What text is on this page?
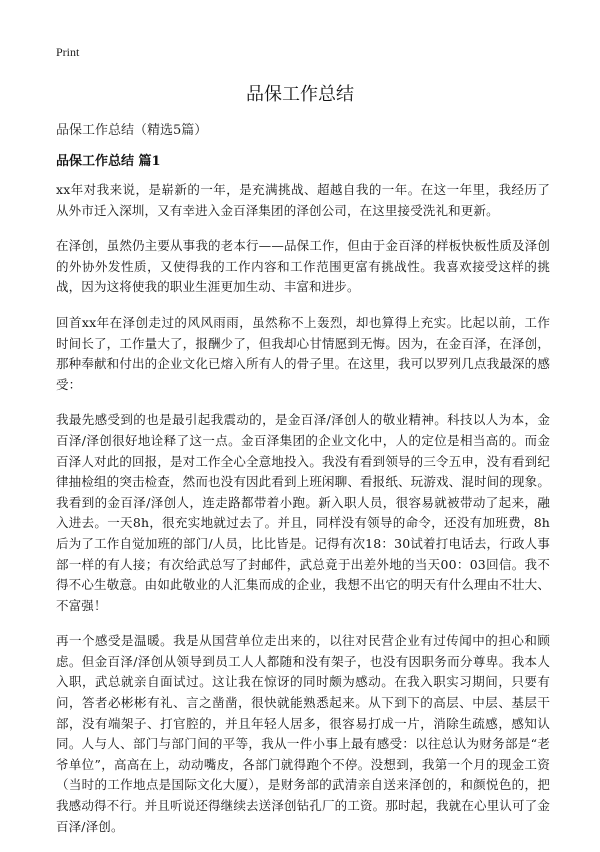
Print
品保工作总结
品保工作总结（精选5篇）
品保工作总结 篇1

xx年对我来说，是崭新的一年，是充满挑战、超越自我的一年。在这一年里，我经历了从外市迁入深圳，又有幸进入金百泽集团的泽创公司，在这里接受洗礼和更新。

在泽创，虽然仍主要从事我的老本行——品保工作，但由于金百泽的样板快板性质及泽创的外协外发性质，又使得我的工作内容和工作范围更富有挑战性。我喜欢接受这样的挑战，因为这将使我的职业生涯更加生动、丰富和进步。

回首xx年在泽创走过的风风雨雨，虽然称不上轰烈，却也算得上充实。比起以前，工作时间长了，工作量大了，报酬少了，但我却心甘情愿到无悔。因为，在金百泽，在泽创，那种奉献和付出的企业文化已熔入所有人的骨子里。在这里，我可以罗列几点我最深的感受：

我最先感受到的也是最引起我震动的，是金百泽/泽创人的敬业精神。科技以人为本，金百泽/泽创很好地诠释了这一点。金百泽集团的企业文化中，人的定位是相当高的。而金百泽人对此的回报，是对工作全心全意地投入。我没有看到领导的三令五申，没有看到纪律抽检组的突击检查，然而也没有因此看到上班闲聊、看报纸、玩游戏、混时间的现象。我看到的金百泽/泽创人，连走路都带着小跑。新入职人员，很容易就被带动了起来，融入进去。一天8h，很充实地就过去了。并且，同样没有领导的命令，还没有加班费，8h后为了工作自觉加班的部门/人员，比比皆是。记得有次18：30试着打电话去，行政人事部一样的有人接；有次给武总写了封邮件，武总竟于出差外地的当天00：03回信。我不得不心生敬意。由如此敬业的人汇集而成的企业，我想不出它的明天有什么理由不壮大、不富强！

再一个感受是温暖。我是从国营单位走出来的，以往对民营企业有过传闻中的担心和顾虑。但金百泽/泽创从领导到员工人人都随和没有架子，也没有因职务而分尊卑。我本人入职，武总就亲自面试过。这让我在惊讶的同时颇为感动。在我入职实习期间，只要有问，答者必彬彬有礼、言之凿凿，很快就能熟悉起来。从下到下的高层、中层、基层干部，没有端架子、打官腔的，并且年轻人居多，很容易打成一片，消除生疏感，感知认同。人与人、部门与部门间的平等，我从一件小事上最有感受：以往总认为财务部是“老爷单位”，高高在上，动动嘴皮，各部门就得跑个不停。没想到，我第一个月的现金工资（当时的工作地点是国际文化大厦），是财务部的武清亲自送来泽创的，和颜悦色的，把我感动得不行。并且听说还得继续去送泽创钻孔厂的工资。那时起，我就在心里认可了金百泽/泽创。
